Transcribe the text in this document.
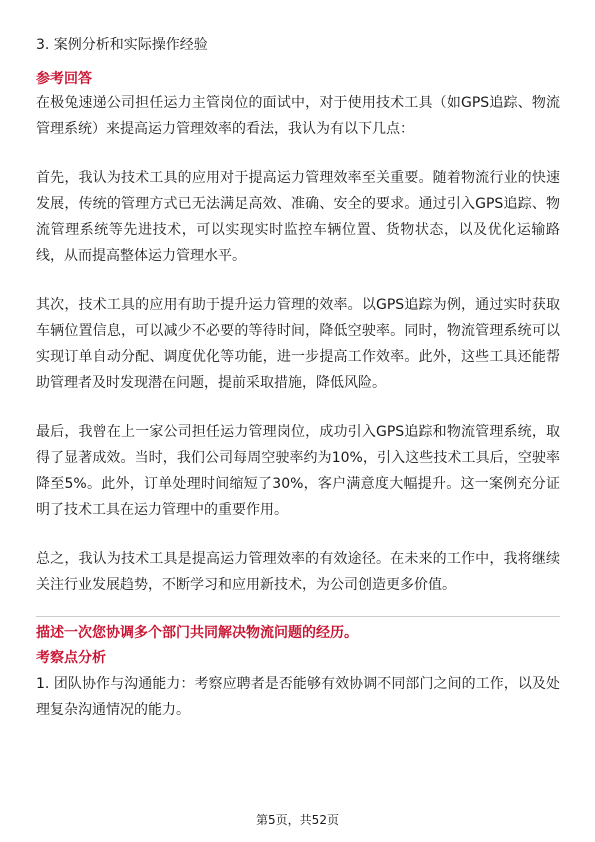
3. 案例分析和实际操作经验

参考回答

在极兔速递公司担任运力主管岗位的面试中，对于使用技术工具（如GPS追踪、物流管理系统）来提高运力管理效率的看法，我认为有以下几点：

首先，我认为技术工具的应用对于提高运力管理效率至关重要。随着物流行业的快速发展，传统的管理方式已无法满足高效、准确、安全的要求。通过引入GPS追踪、物流管理系统等先进技术，可以实现实时监控车辆位置、货物状态，以及优化运输路线，从而提高整体运力管理水平。

其次，技术工具的应用有助于提升运力管理的效率。以GPS追踪为例，通过实时获取车辆位置信息，可以减少不必要的等待时间，降低空驶率。同时，物流管理系统可以实现订单自动分配、调度优化等功能，进一步提高工作效率。此外，这些工具还能帮助管理者及时发现潜在问题，提前采取措施，降低风险。

最后，我曾在上一家公司担任运力管理岗位，成功引入GPS追踪和物流管理系统，取得了显著成效。当时，我们公司每周空驶率约为10%，引入这些技术工具后，空驶率降至5%。此外，订单处理时间缩短了30%，客户满意度大幅提升。这一案例充分证明了技术工具在运力管理中的重要作用。

总之，我认为技术工具是提高运力管理效率的有效途径。在未来的工作中，我将继续关注行业发展趋势，不断学习和应用新技术，为公司创造更多价值。

描述一次您协调多个部门共同解决物流问题的经历。

考察点分析

1. 团队协作与沟通能力：考察应聘者是否能够有效协调不同部门之间的工作，以及处理复杂沟通情况的能力。

第5页，共52页
